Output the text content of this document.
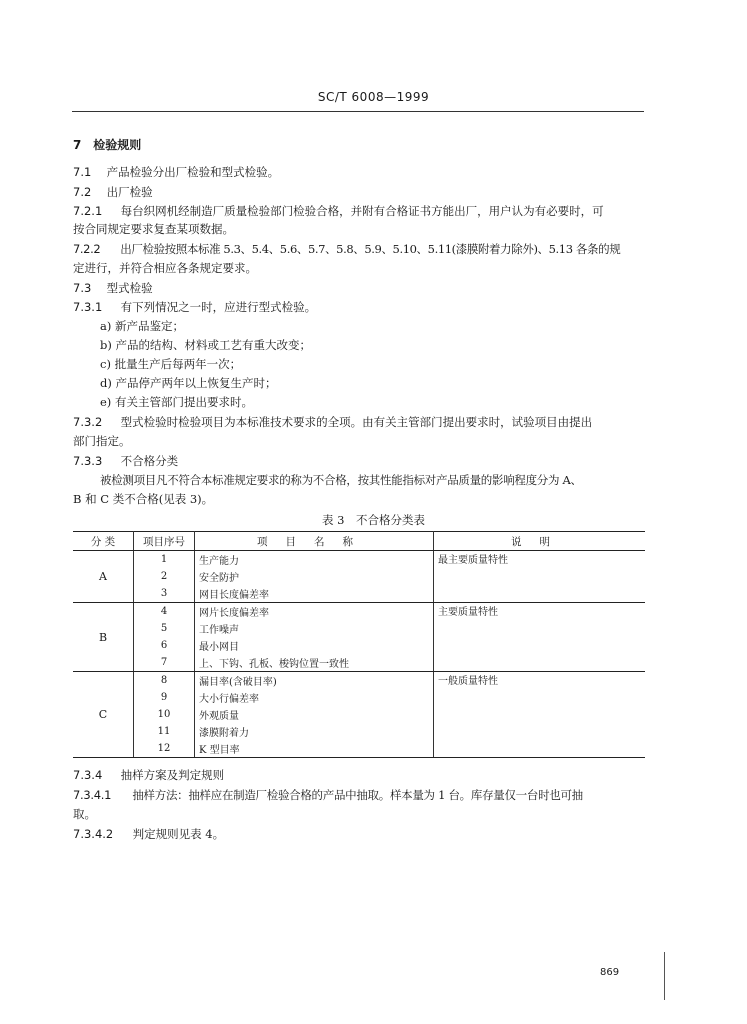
SC/T 6008—1999
7 检验规则
7.1 产品检验分出厂检验和型式检验。
7.2 出厂检验
7.2.1 每台织网机经制造厂质量检验部门检验合格，并附有合格证书方能出厂，用户认为有必要时，可
按合同规定要求复查某项数据。
7.2.2 出厂检验按照本标准 5.3、5.4、5.6、5.7、5.8、5.9、5.10、5.11(漆膜附着力除外)、5.13 各条的规
定进行，并符合相应各条规定要求。
7.3 型式检验
7.3.1 有下列情况之一时，应进行型式检验。
a) 新产品鉴定；
b) 产品的结构、材料或工艺有重大改变；
c) 批量生产后每两年一次；
d) 产品停产两年以上恢复生产时；
e) 有关主管部门提出要求时。
7.3.2 型式检验时检验项目为本标准技术要求的全项。由有关主管部门提出要求时，试验项目由提出
部门指定。
7.3.3 不合格分类
被检测项目凡不符合本标准规定要求的称为不合格，按其性能指标对产品质量的影响程度分为 A、
B 和 C 类不合格(见表 3)。
表 3　不合格分类表
分 类	项目序号	项目名称	说明
A	1	生产能力	最主要质量特性
	2	安全防护	
	3	网目长度偏差率	
B	4	网片长度偏差率	主要质量特性
	5	工作噪声	
	6	最小网目	
	7	上、下钩、孔板、梭钩位置一致性	
C	8	漏目率(含破目率)	一般质量特性
	9	大小行偏差率	
	10	外观质量	
	11	漆膜附着力	
	12	K 型目率	
7.3.4 抽样方案及判定规则
7.3.4.1 抽样方法：抽样应在制造厂检验合格的产品中抽取。样本量为 1 台。库存量仅一台时也可抽
取。
7.3.4.2 判定规则见表 4。
869
